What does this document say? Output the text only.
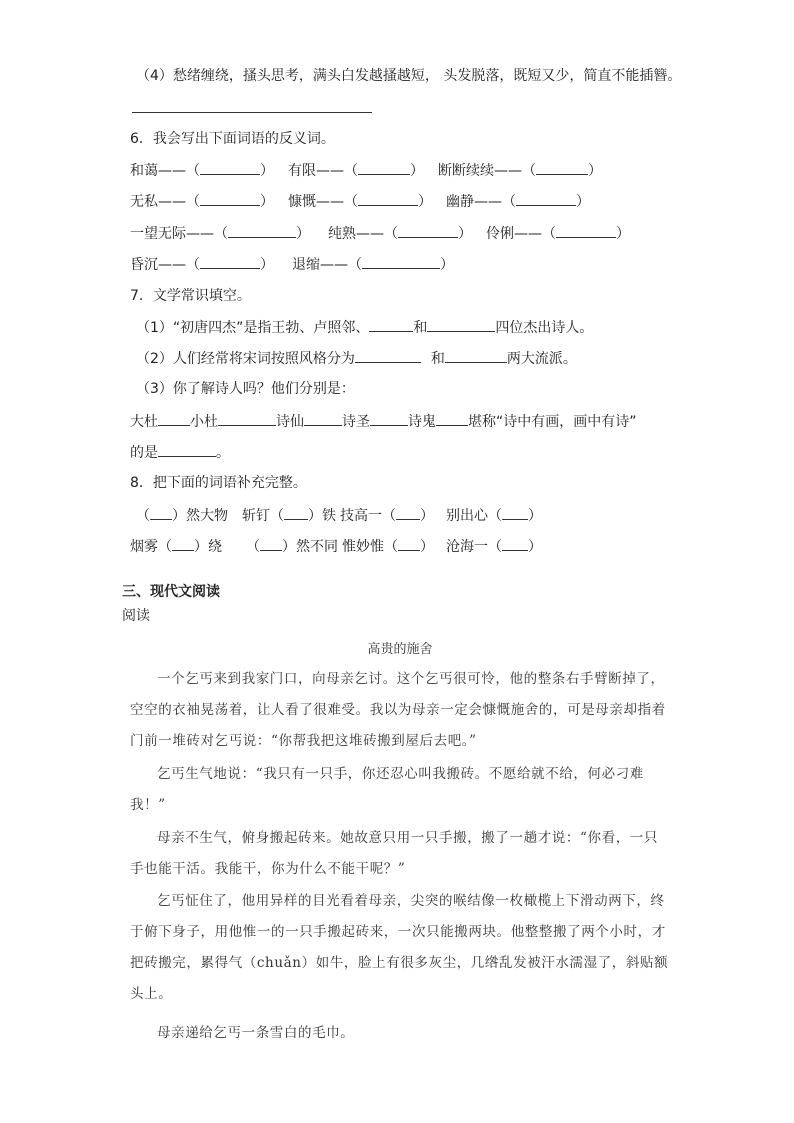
（4）愁绪缠绕，搔头思考，满头白发越搔越短， 头发脱落，既短又少，简直不能插簪。
6．我会写出下面词语的反义词。
和蔼——（	） 有限——（	） 断断续续——（	）
无私——（	） 慷慨——（	） 幽静——（	）
一望无际——（	） 纯熟——（	） 伶俐——（	）
昏沉——（	） 退缩——（	）
7．文学常识填空。
（1）“初唐四杰”是指王勃、卢照邻、	和	四位杰出诗人。
（2）人们经常将宋词按照风格分为	和	两大流派。
（3）你了解诗人吗？他们分别是：
大杜 小杜	诗仙	诗圣	诗鬼 堪称“诗中有画，画中有诗”
的是	。
8．把下面的词语补充完整。
（ ）然大物 斩钉（ ）铁 技高一（ ） 别出心（ ）
烟雾（ ）绕 （ ）然不同 惟妙惟（ ） 沧海一（ ）
三、现代文阅读
阅读
高贵的施舍
一个乞丐来到我家门口，向母亲乞讨。这个乞丐很可怜，他的整条右手臂断掉了，空空的衣袖晃荡着，让人看了很难受。我以为母亲一定会慷慨施舍的，可是母亲却指着门前一堆砖对乞丐说：“你帮我把这堆砖搬到屋后去吧。”
乞丐生气地说：“我只有一只手，你还忍心叫我搬砖。不愿给就不给，何必刁难我！”
母亲不生气，俯身搬起砖来。她故意只用一只手搬，搬了一趟才说：“你看，一只手也能干活。我能干，你为什么不能干呢？”
乞丐怔住了，他用异样的目光看着母亲，尖突的喉结像一枚橄榄上下滑动两下，终于俯下身子，用他惟一的一只手搬起砖来，一次只能搬两块。他整整搬了两个小时，才把砖搬完，累得气（chuǎn）如牛，脸上有很多灰尘，几绺乱发被汗水濡湿了，斜贴额头上。
母亲递给乞丐一条雪白的毛巾。
